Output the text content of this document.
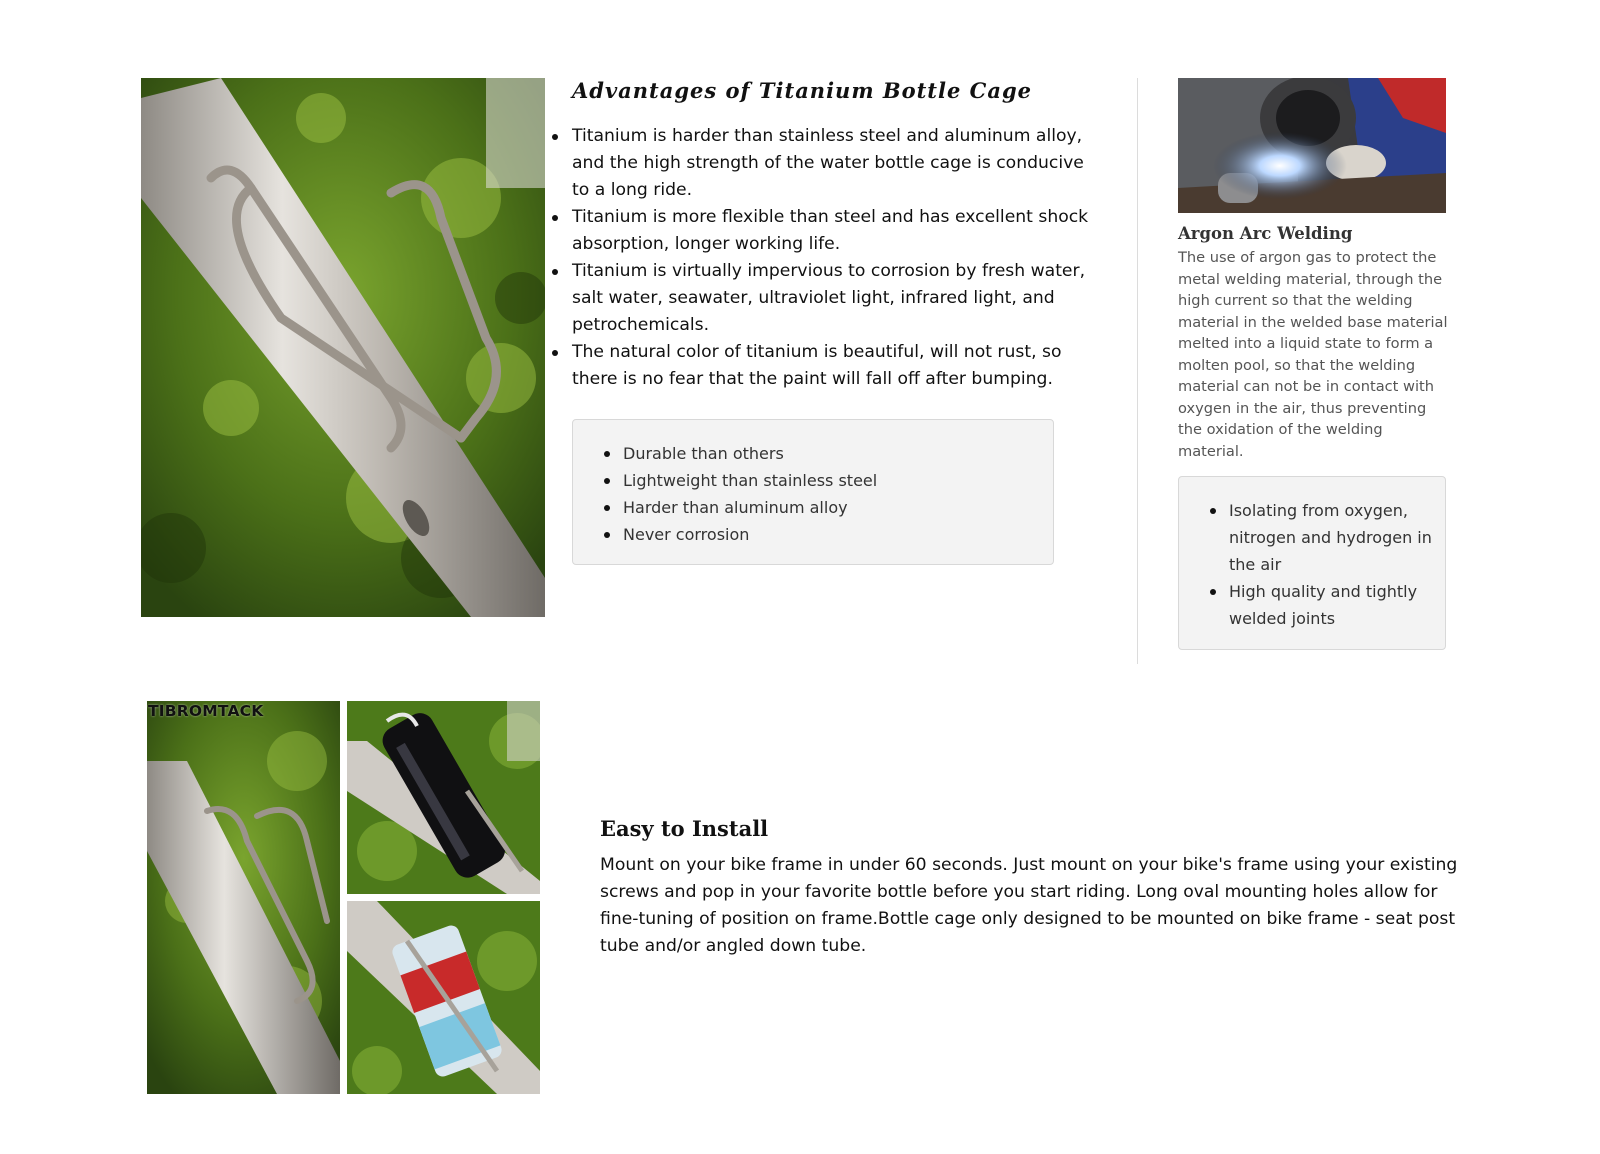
Advantages of Titanium Bottle Cage
Titanium is harder than stainless steel and aluminum alloy, and the high strength of the water bottle cage is conducive to a long ride.
Titanium is more flexible than steel and has excellent shock absorption, longer working life.
Titanium is virtually impervious to corrosion by fresh water, salt water, seawater, ultraviolet light, infrared light, and petrochemicals.
The natural color of titanium is beautiful, will not rust, so there is no fear that the paint will fall off after bumping.
Durable than others
Lightweight than stainless steel
Harder than aluminum alloy
Never corrosion
Argon Arc Welding

The use of argon gas to protect the metal welding material, through the high current so that the welding material in the welded base material melted into a liquid state to form a molten pool, so that the welding material can not be in contact with oxygen in the air, thus preventing the oxidation of the welding material.

Isolating from oxygen, nitrogen and hydrogen in the air
High quality and tightly welded joints
TIBROMTACK
Easy to Install

Mount on your bike frame in under 60 seconds. Just mount on your bike's frame using your existing screws and pop in your favorite bottle before you start riding. Long oval mounting holes allow for fine-tuning of position on frame.Bottle cage only designed to be mounted on bike frame - seat post tube and/or angled down tube.
